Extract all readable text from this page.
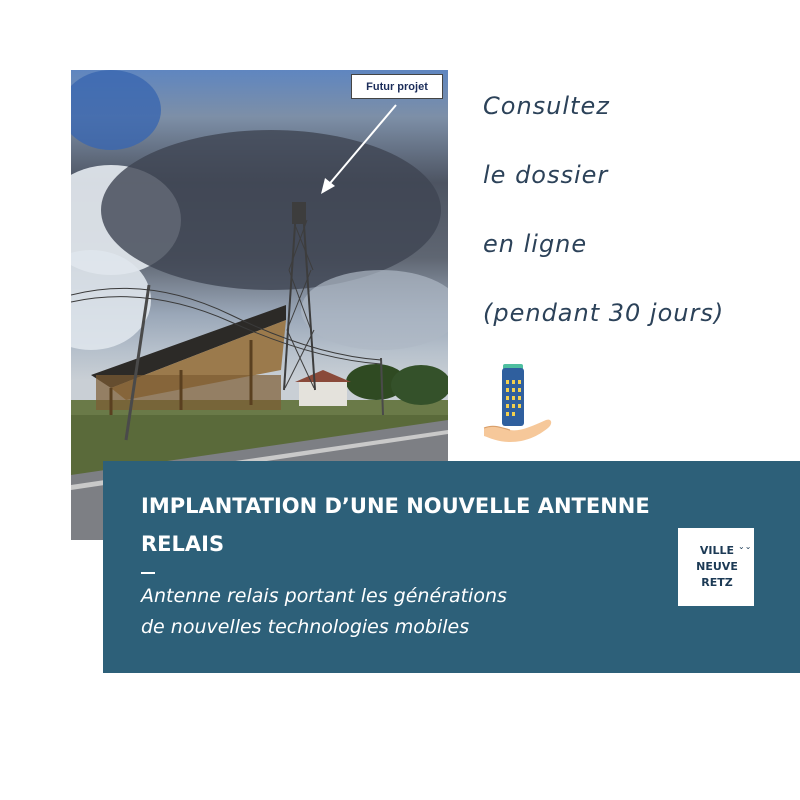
Futur projet
Consultez
le dossier
en ligne
(pendant 30 jours)
IMPLANTATION D’UNE NOUVELLE ANTENNE RELAIS
Antenne relais portant les générations
de nouvelles technologies mobiles
VILLE
NEUVE
RETZ
⌄⌄
